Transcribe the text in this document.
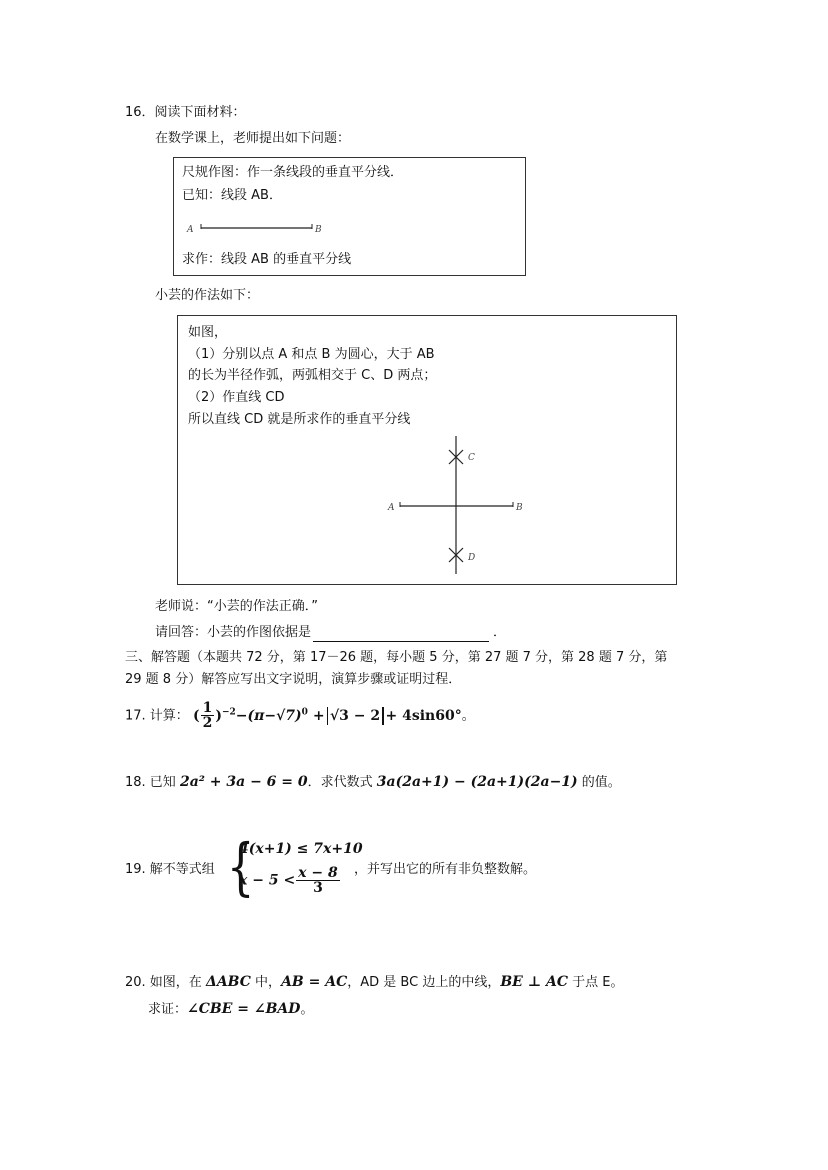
16．阅读下面材料：
在数学课上，老师提出如下问题：
尺规作图：作一条线段的垂直平分线．
已知：线段 AB．
A	B
求作：线段 AB 的垂直平分线
小芸的作法如下：
如图，
（1）分别以点 A 和点 B 为圆心，大于 AB
的长为半径作弧，两弧相交于 C、D 两点；
（2）作直线 CD
所以直线 CD 就是所求作的垂直平分线
A	B
C
D
老师说：“小芸的作法正确．”
请回答：小芸的作图依据是	．
三、解答题（本题共 72 分，第 17－26 题，每小题 5 分，第 27 题 7 分，第 28 题 7 分，第
29 题 8 分）解答应写出文字说明，演算步骤或证明过程．
17. 计算： ( $\frac{1}{2} )^{-2}-(\pi-√7)^0 + √3 - 2 + 4\sin 60^\circ$。
18. 已知 2a² + 3a − 6 = 0．求代数式 3a(2a+1) − (2a+1)(2a−1) 的值。
19. 解不等式组 {
4(x+1) ≤ 7x+10
$x - 5 < \frac{x - 8}{3}$ ，并写出它的所有非负整数解。
20. 如图，在 ΔABC 中，AB = AC，AD 是 BC 边上的中线，BE ⊥ AC 于点 E。
求证：∠CBE = ∠BAD。
